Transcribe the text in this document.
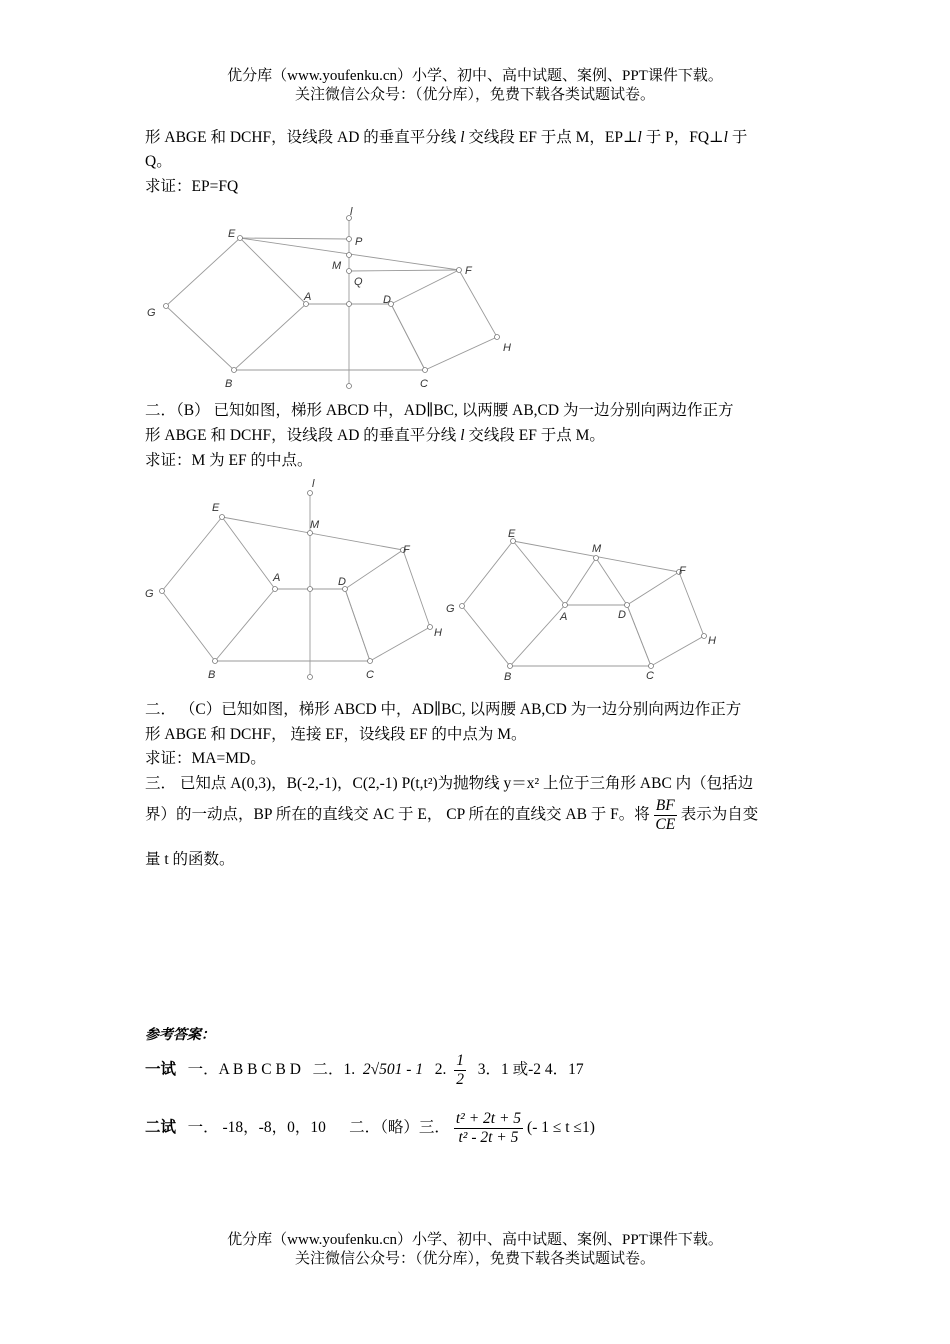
优分库（www.youfenku.cn）小学、初中、高中试题、案例、PPT课件下载。
关注微信公众号：（优分库），免费下载各类试题试卷。
形 ABGE 和 DCHF，设线段 AD 的垂直平分线 l 交线段 EF 于点 M，EP⊥l 于 P，FQ⊥l 于
Q。
求证：EP=FQ
l
E
P
M
Q
F
A	D
G
H
B	C
二．（B） 已知如图，梯形 ABCD 中，AD∥BC, 以两腰 AB,CD 为一边分别向两边作正方
形 ABGE 和 DCHF，设线段 AD 的垂直平分线 l 交线段 EF 于点 M。
求证：M 为 EF 的中点。
l
E
M
F
A	D
G
H
B	C
E
M
F
A	D
G
H
B	C
二． （C）已知如图，梯形 ABCD 中，AD∥BC, 以两腰 AB,CD 为一边分别向两边作正方
形 ABGE 和 DCHF， 连接 EF，设线段 EF 的中点为 M。
求证：MA=MD。
三． 已知点 A(0,3)，B(-2,-1)，C(2,-1) P(t,t²)为抛物线 y＝x² 上位于三角形 ABC 内（包括边
界）的一动点，BP 所在的直线交 AC 于 E， CP 所在的直线交 AB 于 F。将 $\frac{BF}{CE}$ 表示为自变
量 t 的函数。
参考答案：
一试 一．A B B C B D 二．1. 2√501 - 1 2. $\frac{1}{2} 3$．1 或-2 4．17
二试 一． -18，-8，0，10 二．（略）三． $\frac{\text{t² + 2t + 5}}{\text{t² - 2t + 5}}$ (- 1 ≤ t ≤1)
优分库（www.youfenku.cn）小学、初中、高中试题、案例、PPT课件下载。
关注微信公众号：（优分库），免费下载各类试题试卷。
